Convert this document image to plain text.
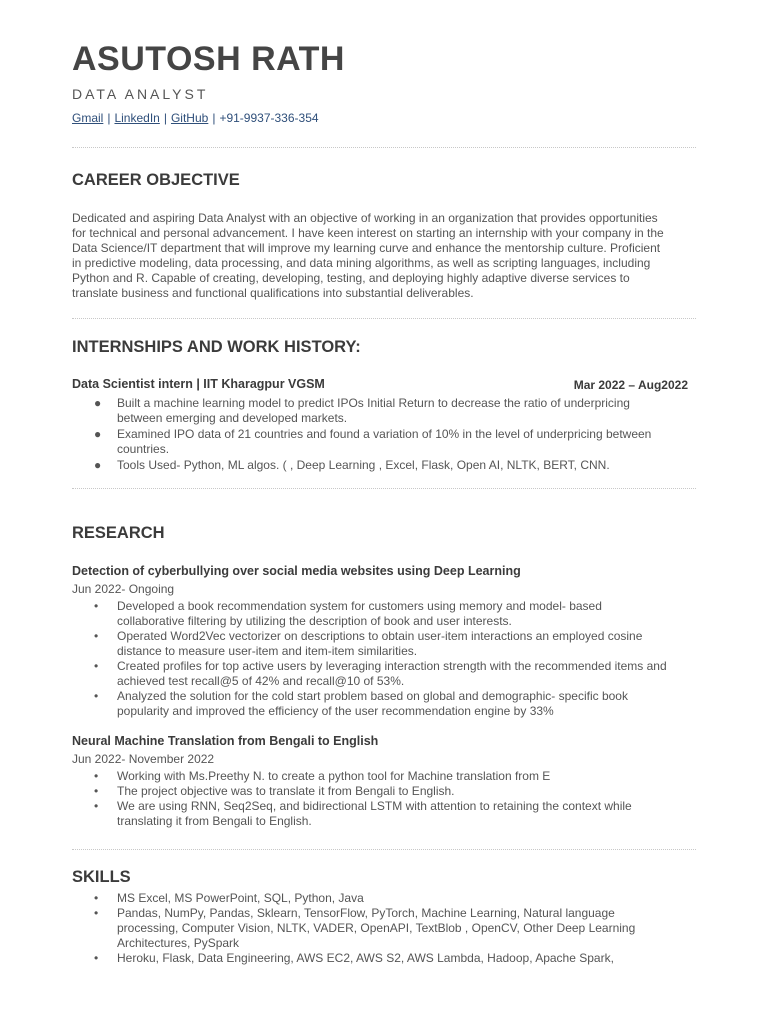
ASUTOSH RATH
DATA ANALYST
Gmail | LinkedIn | GitHub | +91-9937-336-354
CAREER OBJECTIVE
Dedicated and aspiring Data Analyst with an objective of working in an organization that provides opportunities
for technical and personal advancement. I have keen interest on starting an internship with your company in the
Data Science/IT department that will improve my learning curve and enhance the mentorship culture. Proficient
in predictive modeling, data processing, and data mining algorithms, as well as scripting languages, including
Python and R. Capable of creating, developing, testing, and deploying highly adaptive diverse services to
translate business and functional qualifications into substantial deliverables.
INTERNSHIPS AND WORK HISTORY:
Data Scientist intern | IIT Kharagpur VGSM	Mar 2022 – Aug2022
● Built a machine learning model to predict IPOs Initial Return to decrease the ratio of underpricing
between emerging and developed markets.
● Examined IPO data of 21 countries and found a variation of 10% in the level of underpricing between
countries.
● Tools Used- Python, ML algos. ( , Deep Learning , Excel, Flask, Open AI, NLTK, BERT, CNN.
RESEARCH
Detection of cyberbullying over social media websites using Deep Learning
Jun 2022- Ongoing
• Developed a book recommendation system for customers using memory and model- based
collaborative filtering by utilizing the description of book and user interests.
• Operated Word2Vec vectorizer on descriptions to obtain user-item interactions an employed cosine
distance to measure user-item and item-item similarities.
• Created profiles for top active users by leveraging interaction strength with the recommended items and
achieved test recall@5 of 42% and recall@10 of 53%.
• Analyzed the solution for the cold start problem based on global and demographic- specific book
popularity and improved the efficiency of the user recommendation engine by 33%
Neural Machine Translation from Bengali to English
Jun 2022- November 2022
• Working with Ms.Preethy N. to create a python tool for Machine translation from E
• The project objective was to translate it from Bengali to English.
• We are using RNN, Seq2Seq, and bidirectional LSTM with attention to retaining the context while
translating it from Bengali to English.
SKILLS
• MS Excel, MS PowerPoint, SQL, Python, Java
• Pandas, NumPy, Pandas, Sklearn, TensorFlow, PyTorch, Machine Learning, Natural language
processing, Computer Vision, NLTK, VADER, OpenAPI, TextBlob , OpenCV, Other Deep Learning
Architectures, PySpark
• Heroku, Flask, Data Engineering, AWS EC2, AWS S2, AWS Lambda, Hadoop, Apache Spark,
